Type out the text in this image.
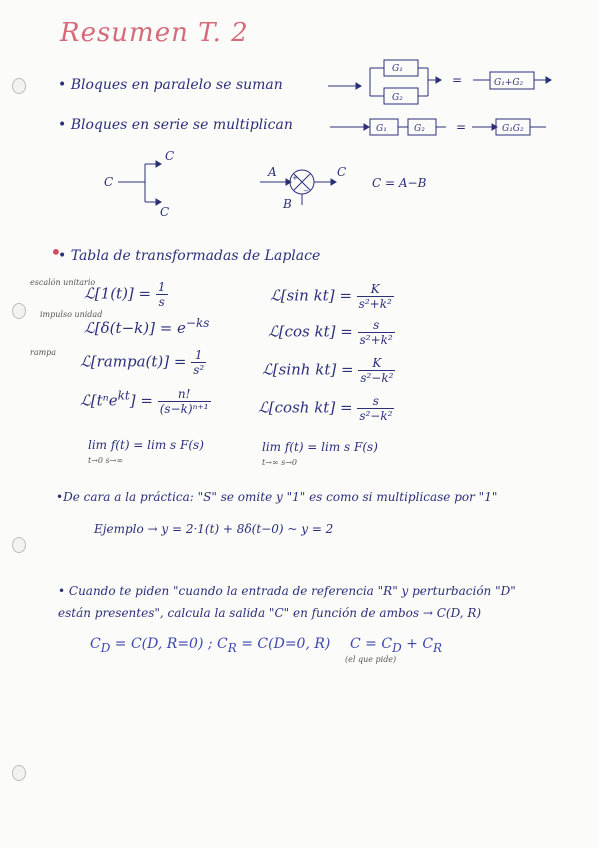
Resumen T. 2
• Bloques en paralelo se suman
• Bloques en serie se multiplican
G₁
G₂
G₁+G₂
G₁	G₂	G₁G₂
=
=
C
C
C
A
B
C
C = A−B
+
−
• Tabla de transformadas de Laplace
escalón unitario
ℒ[1(t)] = $\frac{1}{s}$
impulso unidad
ℒ[δ(t−k)] = $e^{-ks}$
rampa ℒ[rampa(t)] = $\frac{1}{\text{s²}}$
ℒ[tⁿe$^{kt}$] = $\frac{n!}{\text{(s−k)ⁿ⁺¹}}$
lim f(t) = lim s F(s)
t→0 s→∞
ℒ[sin $kt] = \frac{K}{\text{s²+k²}}$
ℒ[cos $kt] = \frac{s}{\text{s²+k²}}$
ℒ[sinh $kt] = \frac{K}{\text{s²−k²}}$
ℒ[cosh $kt] = \frac{s}{\text{s²−k²}}$
lim f(t) = lim s F(s)
t→∞ s→0
•De cara a la práctica: "S" se omite y "1" es como si multiplicase por "1"
Ejemplo → y = 2·1(t) + 8δ(t−0) ~ y = 2
• Cuando te piden "cuando la entrada de referencia "R" y perturbación "D"
están presentes", calcula la salida "C" en función de ambos → C(D, R)
$C_D = C(D$, R=0) ; $C_R = C(D=0$, R) $C = C_D + C_R$
(el que pide)
•
